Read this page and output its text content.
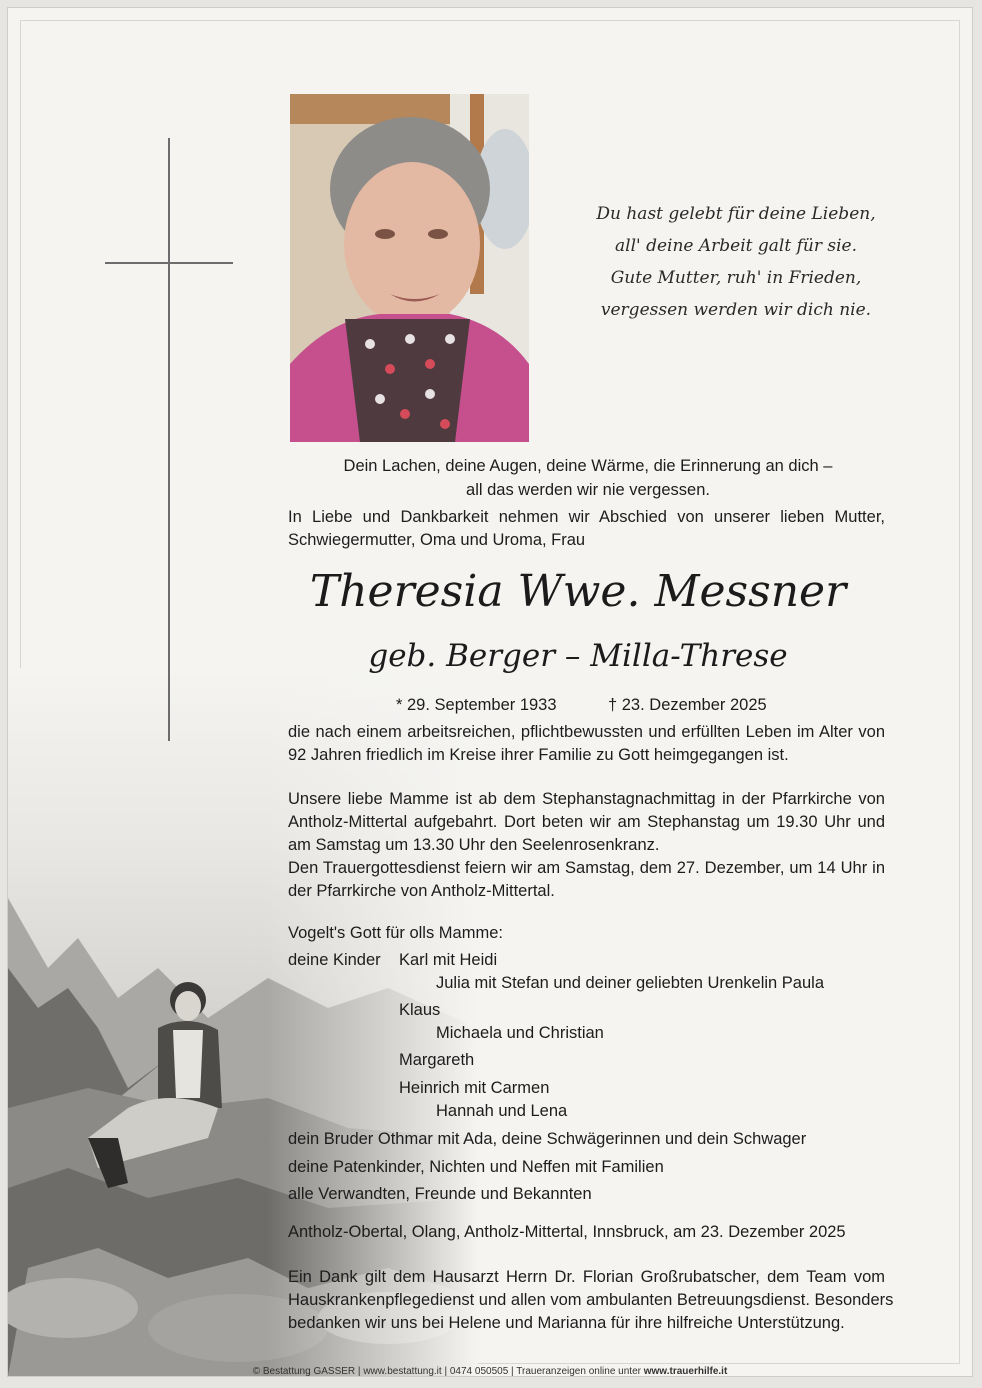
Du hast gelebt für deine Lieben,
all' deine Arbeit galt für sie.
Gute Mutter, ruh' in Frieden,
vergessen werden wir dich nie.
Dein Lachen, deine Augen, deine Wärme, die Erinnerung an dich –
all das werden wir nie vergessen.
In Liebe und Dankbarkeit nehmen wir Abschied von unserer lieben Mutter,
Schwiegermutter, Oma und Uroma, Frau
Theresia Wwe. Messner
geb. Berger – Milla-Threse
* 29. September 1933	† 23. Dezember 2025
die nach einem arbeitsreichen, pflichtbewussten und erfüllten Leben im Alter von
92 Jahren friedlich im Kreise ihrer Familie zu Gott heimgegangen ist.
Unsere liebe Mamme ist ab dem Stephanstagnachmittag in der Pfarrkirche von
Antholz-Mittertal aufgebahrt. Dort beten wir am Stephanstag um 19.30 Uhr und
am Samstag um 13.30 Uhr den Seelenrosenkranz.
Den Trauergottesdienst feiern wir am Samstag, dem 27. Dezember, um 14 Uhr in
der Pfarrkirche von Antholz-Mittertal.
Vogelt's Gott für olls Mamme:
deine Kinder Karl mit Heidi
Julia mit Stefan und deiner geliebten Urenkelin Paula
Klaus
Michaela und Christian
Margareth
Heinrich mit Carmen
Hannah und Lena
dein Bruder Othmar mit Ada, deine Schwägerinnen und dein Schwager
deine Patenkinder, Nichten und Neffen mit Familien
alle Verwandten, Freunde und Bekannten
Antholz-Obertal, Olang, Antholz-Mittertal, Innsbruck, am 23. Dezember 2025
Ein Dank gilt dem Hausarzt Herrn Dr. Florian Großrubatscher, dem Team vom
Hauskrankenpflegedienst und allen vom ambulanten Betreuungsdienst. Besonders
bedanken wir uns bei Helene und Marianna für ihre hilfreiche Unterstützung.
© Bestattung GASSER | www.bestattung.it | 0474 050505 | Traueranzeigen online unter www.trauerhilfe.it
